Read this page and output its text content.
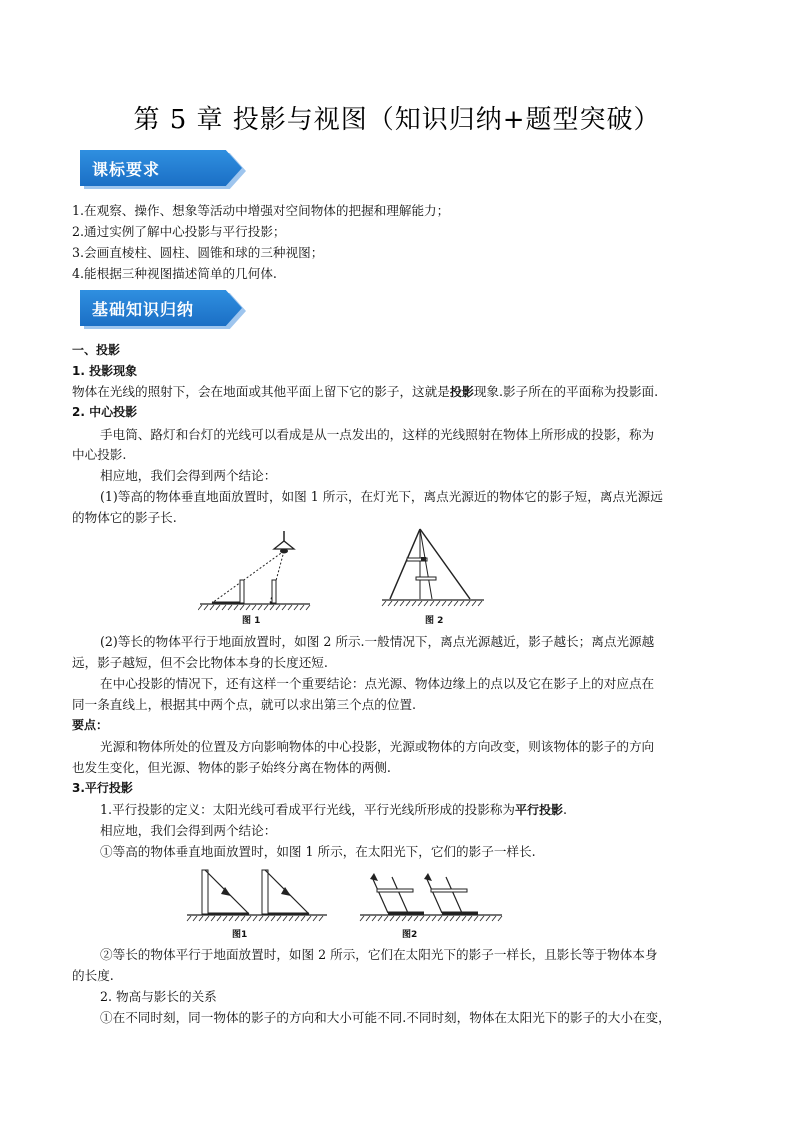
第 5 章 投影与视图（知识归纳+题型突破）
课标要求
1.在观察、操作、想象等活动中增强对空间物体的把握和理解能力；
2.通过实例了解中心投影与平行投影；
3.会画直棱柱、圆柱、圆锥和球的三种视图；
4.能根据三种视图描述简单的几何体.
基础知识归纳
一、投影
1. 投影现象
物体在光线的照射下，会在地面或其他平面上留下它的影子，这就是投影现象.影子所在的平面称为投影面.
2. 中心投影
手电筒、路灯和台灯的光线可以看成是从一点发出的，这样的光线照射在物体上所形成的投影，称为
中心投影.
相应地，我们会得到两个结论：
(1)等高的物体垂直地面放置时，如图 1 所示，在灯光下，离点光源近的物体它的影子短，离点光源远
的物体它的影子长.
图 1	图 2
(2)等长的物体平行于地面放置时，如图 2 所示.一般情况下，离点光源越近，影子越长；离点光源越
远，影子越短，但不会比物体本身的长度还短.
在中心投影的情况下，还有这样一个重要结论：点光源、物体边缘上的点以及它在影子上的对应点在
同一条直线上，根据其中两个点，就可以求出第三个点的位置.
要点：
光源和物体所处的位置及方向影响物体的中心投影，光源或物体的方向改变，则该物体的影子的方向
也发生变化，但光源、物体的影子始终分离在物体的两侧.
3.平行投影
1.平行投影的定义：太阳光线可看成平行光线，平行光线所形成的投影称为平行投影.
相应地，我们会得到两个结论：
①等高的物体垂直地面放置时，如图 1 所示，在太阳光下，它们的影子一样长.
图1	图2
②等长的物体平行于地面放置时，如图 2 所示，它们在太阳光下的影子一样长，且影长等于物体本身
的长度.
2. 物高与影长的关系
①在不同时刻，同一物体的影子的方向和大小可能不同.不同时刻，物体在太阳光下的影子的大小在变，
